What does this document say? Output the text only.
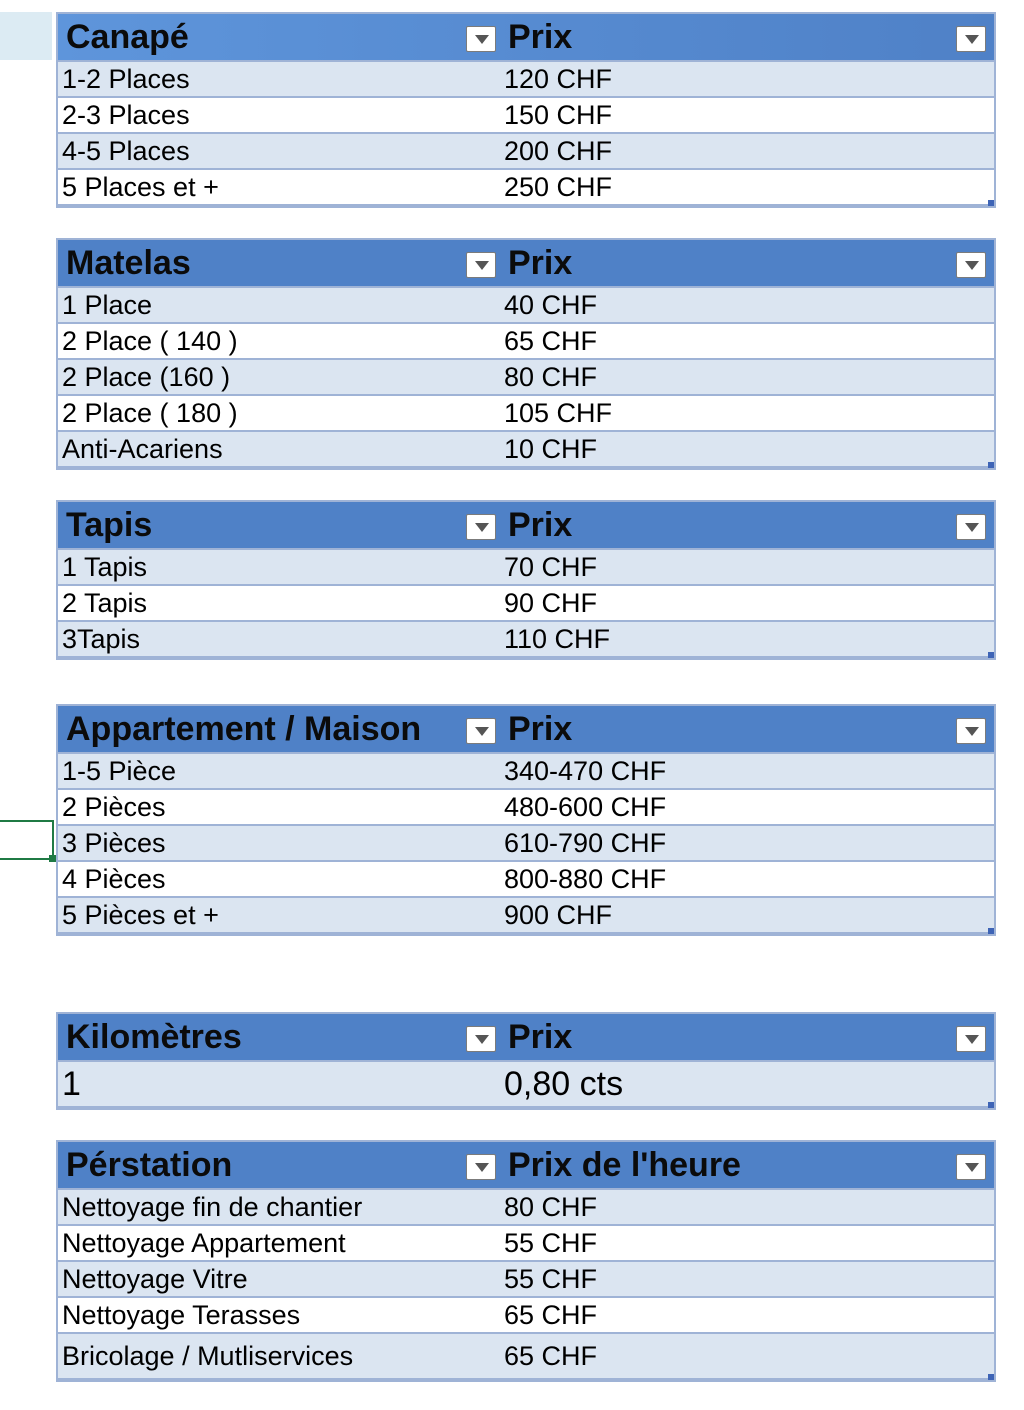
Canapé	Prix
1-2 Places	120 CHF
2-3 Places	150 CHF
4-5 Places	200 CHF
5 Places et +	250 CHF
Matelas	Prix
1 Place	40 CHF
2 Place ( 140 )	65 CHF
2 Place (160 )	80 CHF
2 Place ( 180 )	105 CHF
Anti-Acariens	10 CHF
Tapis	Prix
1 Tapis	70 CHF
2 Tapis	90 CHF
3Tapis	110 CHF
Appartement / Maison	Prix
1-5 Pièce	340-470 CHF
2 Pièces	480-600 CHF
3 Pièces	610-790 CHF
4 Pièces	800-880 CHF
5 Pièces et +	900 CHF
Kilomètres	Prix
1	0,80 cts
Pérstation	Prix de l'heure
Nettoyage fin de chantier	80 CHF
Nettoyage Appartement	55 CHF
Nettoyage Vitre	55 CHF
Nettoyage Terasses	65 CHF
Bricolage / Mutliservices	65 CHF
